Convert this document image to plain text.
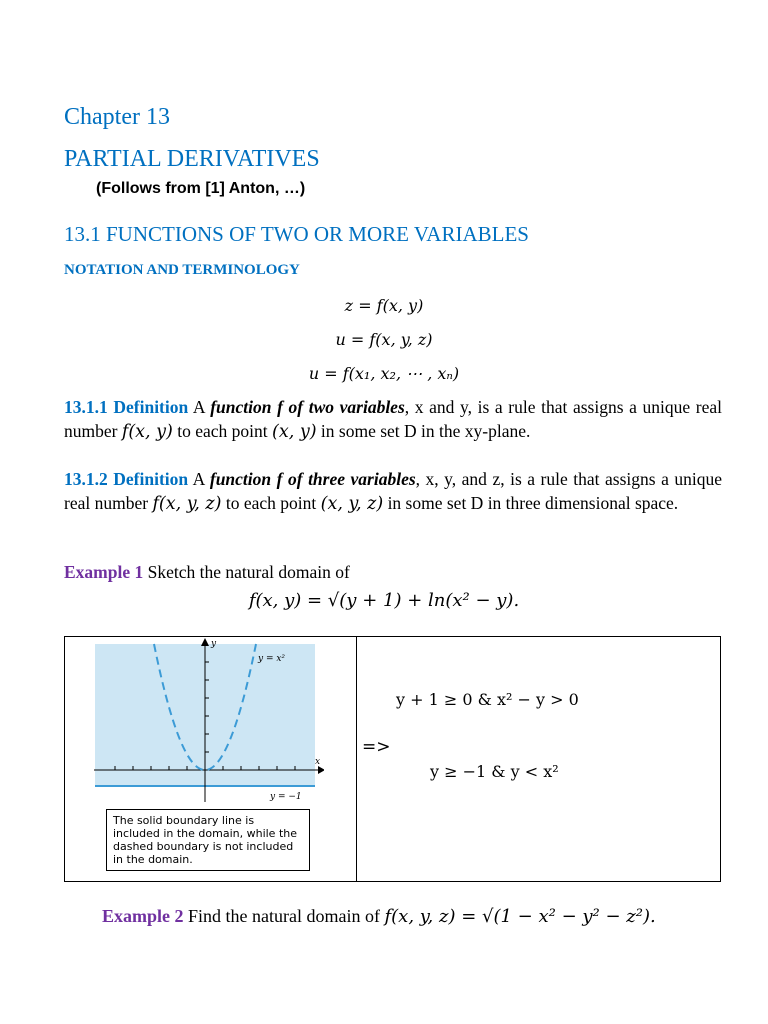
Chapter 13
PARTIAL DERIVATIVES
(Follows from [1] Anton, …)
13.1 FUNCTIONS OF TWO OR MORE VARIABLES
NOTATION AND TERMINOLOGY
z = f(x, y)
u = f(x, y, z)
u = f(x₁, x₂, ⋯ , xₙ)
13.1.1 Definition A function f of two variables, x and y, is a rule that assigns a unique real number f(x, y) to each point (x, y) in some set D in the xy-plane.
13.1.2 Definition A function f of three variables, x, y, and z, is a rule that assigns a unique real number f(x, y, z) to each point (x, y, z) in some set D in three dimensional space.
Example 1 Sketch the natural domain of
f(x, y) = √(y + 1) + ln(x² − y).
y
x
y = x²
y = −1
The solid boundary line is included in the domain, while the dashed boundary is not included in the domain.
y + 1 ≥ 0 & x² − y > 0
=>
y ≥ −1 & y < x²
Example 2 Find the natural domain of f(x, y, z) = √(1 − x² − y² − z²).
